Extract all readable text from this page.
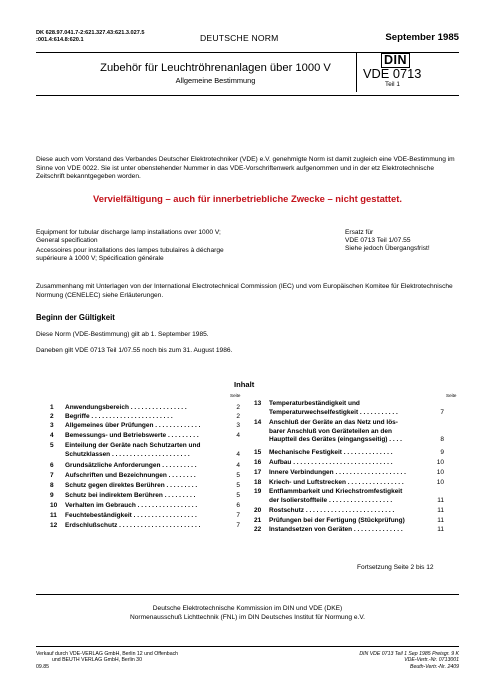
DK 628.97.041.7-2:621.327.43:621.3.027.5
:001.4:614.8:620.1	DEUTSCHE NORM	September 1985
Zubehör für Leuchtröhrenanlagen über 1000 V
Allgemeine Bestimmung
DIN
VDE 0713
Teil 1
Diese auch vom Vorstand des Verbandes Deutscher Elektrotechniker (VDE) e.V. genehmigte Norm ist damit zugleich eine VDE-Bestimmung im Sinne von VDE 0022. Sie ist unter obenstehender Nummer in das VDE-Vorschriftenwerk aufgenommen und in der etz Elektrotechnische Zeitschrift bekanntgegeben worden.
Vervielfältigung – auch für innerbetriebliche Zwecke – nicht gestattet.
Equipment for tubular discharge lamp installations over 1000 V;
General specification
Accessoires pour installations des lampes tubulaires à décharge
supérieure à 1000 V; Spécification générale
Ersatz für
VDE 0713 Teil 1/07.55
Siehe jedoch Übergangsfrist!
Zusammenhang mit Unterlagen von der International Electrotechnical Commission (IEC) und vom Europäischen Komitee für Elektrotechnische Normung (CENELEC) siehe Erläuterungen.
Beginn der Gültigkeit
Diese Norm (VDE-Bestimmung) gilt ab 1. September 1985.
Daneben gilt VDE 0713 Teil 1/07.55 noch bis zum 31. August 1986.
Inhalt
Seite	Seite
1 Anwendungsbereich . . . . . . . . . . . . . . . .	2
2 Begriffe . . . . . . . . . . . . . . . . . . . . . . .	2
3 Allgemeines über Prüfungen . . . . . . . . . . . . .	3
4 Bemessungs- und Betriebswerte . . . . . . . . .	4
5 Einteilung der Geräte nach Schutzarten und
Schutzklassen . . . . . . . . . . . . . . . . . . . . . .	4
6 Grundsätzliche Anforderungen . . . . . . . . . .	4
7 Aufschriften und Bezeichnungen . . . . . . . .	5
8 Schutz gegen direktes Berühren . . . . . . . . .	5
9 Schutz bei indirektem Berühren . . . . . . . . .	5
10 Verhalten im Gebrauch . . . . . . . . . . . . . . . . .	6
11 Feuchtebeständigkeit . . . . . . . . . . . . . . . . . .	7
12 Erdschlußschutz . . . . . . . . . . . . . . . . . . . . . . .	7
13 Temperaturbeständigkeit und
Temperaturwechselfestigkeit . . . . . . . . . . .	7
14 Anschluß der Geräte an das Netz und lös-
barer Anschluß von Geräteteilen an den
Hauptteil des Gerätes (eingangsseitig) . . . .	8
15 Mechanische Festigkeit . . . . . . . . . . . . . .	9
16 Aufbau . . . . . . . . . . . . . . . . . . . . . . . . . . . .	10
17 Innere Verbindungen . . . . . . . . . . . . . . . . . . . .	10
18 Kriech- und Luftstrecken . . . . . . . . . . . . . . . .	10
19 Entflammbarkeit und Kriechstromfestigkeit
der Isolierstoffteile . . . . . . . . . . . . . . . . . .	11
20 Rostschutz . . . . . . . . . . . . . . . . . . . . . . . . .	11
21 Prüfungen bei der Fertigung (Stückprüfung)	11
22 Instandsetzen von Geräten . . . . . . . . . . . . . .	11
Fortsetzung Seite 2 bis 12
Deutsche Elektrotechnische Kommission im DIN und VDE (DKE)
Normenausschuß Lichttechnik (FNL) im DIN Deutsches Institut für Normung e.V.
Verkauf durch VDE-VERLAG GmbH, Berlin 12 und Offenbach
und BEUTH VERLAG GmbH, Berlin 30
09.85
DIN VDE 0713 Teil 1 Sep 1985 Preisgr. 9 K
VDE-Vertr.-Nr. 0713001
Beuth-Vertr.-Nr. 2409
